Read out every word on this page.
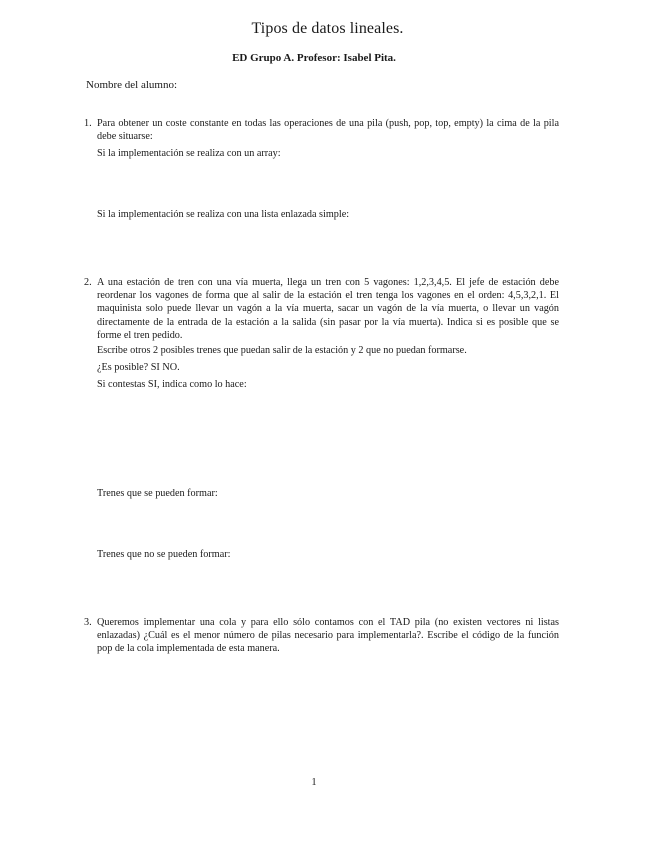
Tipos de datos lineales.
ED Grupo A. Profesor: Isabel Pita.
Nombre del alumno:
1. Para obtener un coste constante en todas las operaciones de una pila (push, pop, top, empty) la cima de la pila debe situarse:
Si la implementación se realiza con un array:
Si la implementación se realiza con una lista enlazada simple:
2. A una estación de tren con una vía muerta, llega un tren con 5 vagones: 1,2,3,4,5. El jefe de estación debe reordenar los vagones de forma que al salir de la estación el tren tenga los vagones en el orden: 4,5,3,2,1. El maquinista solo puede llevar un vagón a la vía muerta, sacar un vagón de la vía muerta, o llevar un vagón directamente de la entrada de la estación a la salida (sin pasar por la vía muerta). Indica si es posible que se forme el tren pedido.
Escribe otros 2 posibles trenes que puedan salir de la estación y 2 que no puedan formarse.
¿Es posible? SI NO.
Si contestas SI, indica como lo hace:
Trenes que se pueden formar:
Trenes que no se pueden formar:
3. Queremos implementar una cola y para ello sólo contamos con el TAD pila (no existen vectores ni listas enlazadas) ¿Cuál es el menor número de pilas necesario para implementarla?. Escribe el código de la función pop de la cola implementada de esta manera.
1
